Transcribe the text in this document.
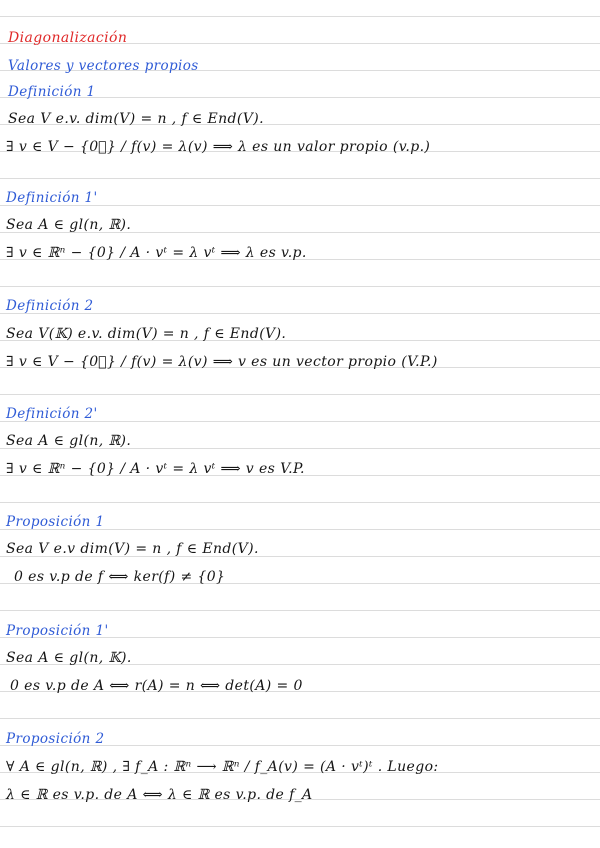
Diagonalización
Valores y vectores propios
Definición 1
Sea V e.v. dim(V) = n , f ∈ End(V).
∃ v ∈ V − {0⃗} / f(v) = λ(v) ⟹ λ es un valor propio (v.p.)
Definición 1'
Sea A ∈ gl(n, ℝ).
∃ v ∈ ℝⁿ − {0} / A · vᵗ = λ vᵗ ⟹ λ es v.p.
Definición 2
Sea V(𝕂) e.v. dim(V) = n , f ∈ End(V).
∃ v ∈ V − {0⃗} / f(v) = λ(v) ⟹ v es un vector propio (V.P.)
Definición 2'
Sea A ∈ gl(n, ℝ).
∃ v ∈ ℝⁿ − {0} / A · vᵗ = λ vᵗ ⟹ v es V.P.
Proposición 1
Sea V e.v dim(V) = n , f ∈ End(V).
0 es v.p de f ⟺ ker(f) ≠ {0}
Proposición 1'
Sea A ∈ gl(n, 𝕂).
0 es v.p de A ⟺ r(A) = n ⟺ det(A) = 0
Proposición 2
∀ A ∈ gl(n, ℝ) , ∃ f_A : ℝⁿ ⟶ ℝⁿ / f_A(v) = (A · vᵗ)ᵗ . Luego:
λ ∈ ℝ es v.p. de A ⟺ λ ∈ ℝ es v.p. de f_A
